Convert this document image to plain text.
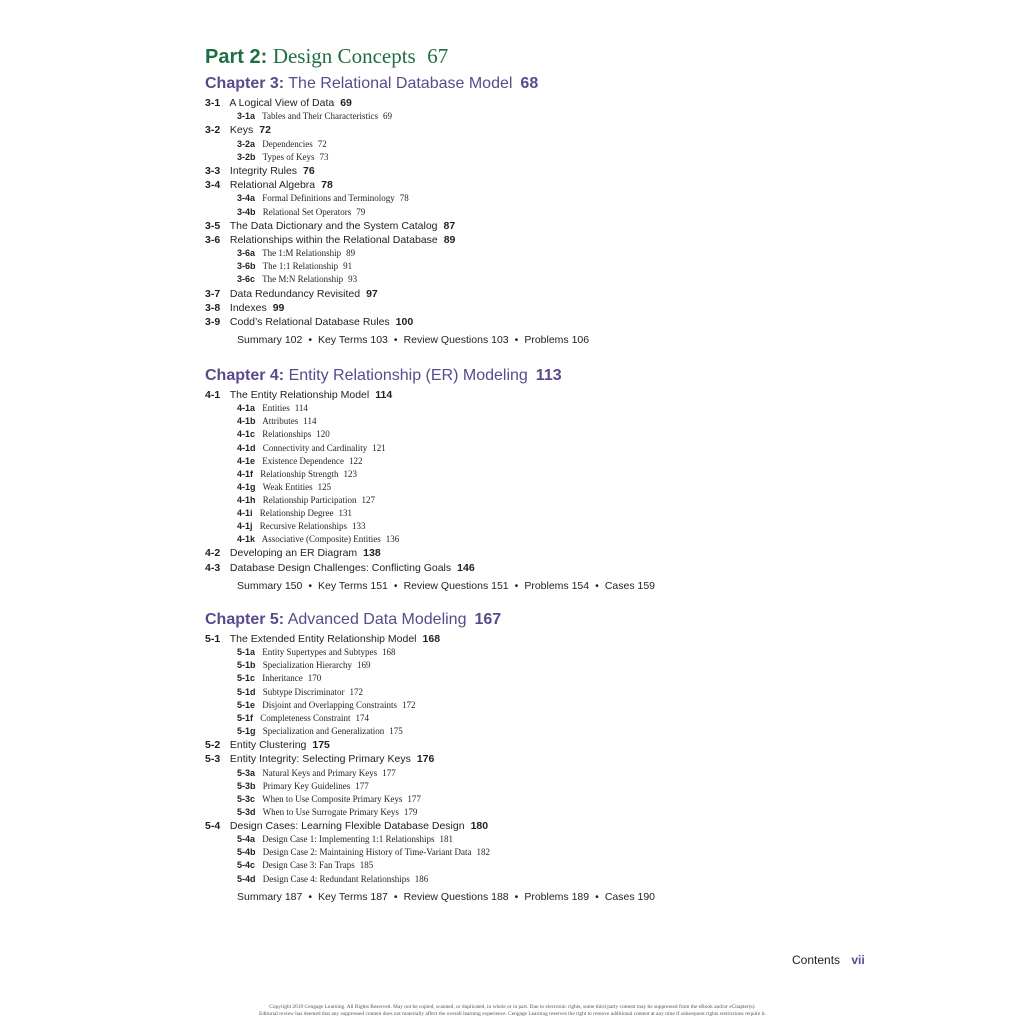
Part 2: Design Concepts 67
Chapter 3: The Relational Database Model 68
3-1 A Logical View of Data 69
3-1a Tables and Their Characteristics 69
3-2 Keys 72
3-2a Dependencies 72
3-2b Types of Keys 73
3-3 Integrity Rules 76
3-4 Relational Algebra 78
3-4a Formal Definitions and Terminology 78
3-4b Relational Set Operators 79
3-5 The Data Dictionary and the System Catalog 87
3-6 Relationships within the Relational Database 89
3-6a The 1:M Relationship 89
3-6b The 1:1 Relationship 91
3-6c The M:N Relationship 93
3-7 Data Redundancy Revisited 97
3-8 Indexes 99
3-9 Codd’s Relational Database Rules 100
Summary 102 • Key Terms 103 • Review Questions 103 • Problems 106
Chapter 4: Entity Relationship (ER) Modeling 113
4-1 The Entity Relationship Model 114
4-1a Entities 114
4-1b Attributes 114
4-1c Relationships 120
4-1d Connectivity and Cardinality 121
4-1e Existence Dependence 122
4-1f Relationship Strength 123
4-1g Weak Entities 125
4-1h Relationship Participation 127
4-1i Relationship Degree 131
4-1j Recursive Relationships 133
4-1k Associative (Composite) Entities 136
4-2 Developing an ER Diagram 138
4-3 Database Design Challenges: Conflicting Goals 146
Summary 150 • Key Terms 151 • Review Questions 151 • Problems 154 • Cases 159
Chapter 5: Advanced Data Modeling 167
5-1 The Extended Entity Relationship Model 168
5-1a Entity Supertypes and Subtypes 168
5-1b Specialization Hierarchy 169
5-1c Inheritance 170
5-1d Subtype Discriminator 172
5-1e Disjoint and Overlapping Constraints 172
5-1f Completeness Constraint 174
5-1g Specialization and Generalization 175
5-2 Entity Clustering 175
5-3 Entity Integrity: Selecting Primary Keys 176
5-3a Natural Keys and Primary Keys 177
5-3b Primary Key Guidelines 177
5-3c When to Use Composite Primary Keys 177
5-3d When to Use Surrogate Primary Keys 179
5-4 Design Cases: Learning Flexible Database Design 180
5-4a Design Case 1: Implementing 1:1 Relationships 181
5-4b Design Case 2: Maintaining History of Time-Variant Data 182
5-4c Design Case 3: Fan Traps 185
5-4d Design Case 4: Redundant Relationships 186
Summary 187 • Key Terms 187 • Review Questions 188 • Problems 189 • Cases 190
Contents vii
Copyright 2019 Cengage Learning. All Rights Reserved. May not be copied, scanned, or duplicated, in whole or in part. Due to electronic rights, some third party content may be suppressed from the eBook and/or eChapter(s).
Editorial review has deemed that any suppressed content does not materially affect the overall learning experience. Cengage Learning reserves the right to remove additional content at any time if subsequent rights restrictions require it.
